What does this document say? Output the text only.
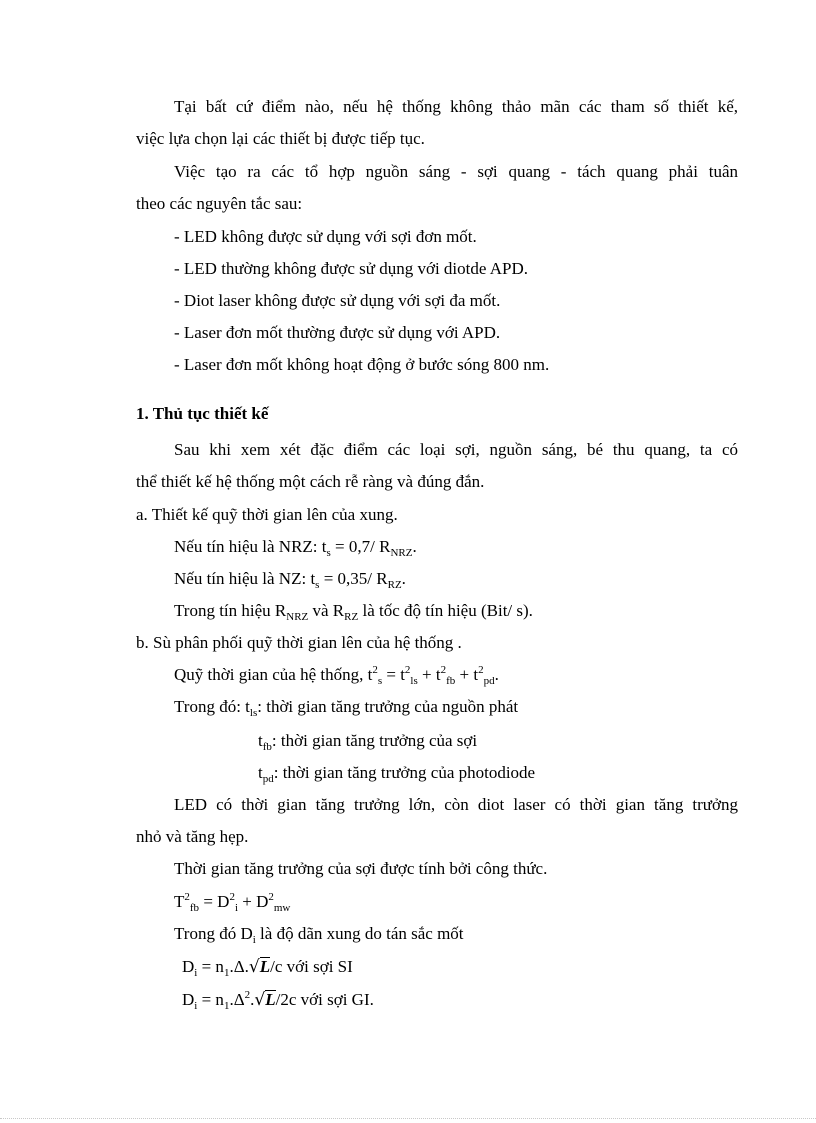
Tại bất cứ điểm nào, nếu hệ thống không thảo mãn các tham số thiết kế,
việc lựa chọn lại các thiết bị được tiếp tục.
Việc tạo ra các tổ hợp nguồn sáng - sợi quang - tách quang phải tuân
theo các nguyên tắc sau:
- LED không được sử dụng với sợi đơn mốt.
- LED thường không được sử dụng với diotde APD.
- Diot laser không được sử dụng với sợi đa mốt.
- Laser đơn mốt thường được sử dụng với APD.
- Laser đơn mốt không hoạt động ở bước sóng 800 nm.
1. Thủ tục thiết kế
Sau khi xem xét đặc điểm các loại sợi, nguồn sáng, bé thu quang, ta có
thể thiết kế hệ thống một cách rễ ràng và đúng đắn.
a. Thiết kế quỹ thời gian lên của xung.
Nếu tín hiệu là NRZ: $t_s = 0,7/$ $R_{NRZ}$.
Nếu tín hiệu là NZ: $t_s = 0,35/$ $R_{RZ}$.
Trong tín hiệu $R_{NRZ}$ và $R_{RZ}$ là tốc độ tín hiệu (Bit/ s).
b. Sù phân phối quỹ thời gian lên của hệ thống .
Quỹ thời gian của hệ thống, $t^2_s = t^2_{ls} + t^2_{fb} + t^2_{pd}$.
Trong đó: $t_{ls}$: thời gian tăng trưởng của nguồn phát
$t_{fb}$: thời gian tăng trưởng của sợi
$t_{pd}$: thời gian tăng trưởng của photodiode
LED có thời gian tăng trưởng lớn, còn diot laser có thời gian tăng trưởng
nhỏ và tăng hẹp.
Thời gian tăng trưởng của sợi được tính bởi công thức.
$T^2_{fb} = D^2_i + D^2_{mw}$
Trong đó $D_i$ là độ dãn xung do tán sắc mốt
$D_i = n_1.\Delta.√L/c$ với sợi SI
$D_i = n_1.\Delta^2.√L/2c$ với sợi GI.
